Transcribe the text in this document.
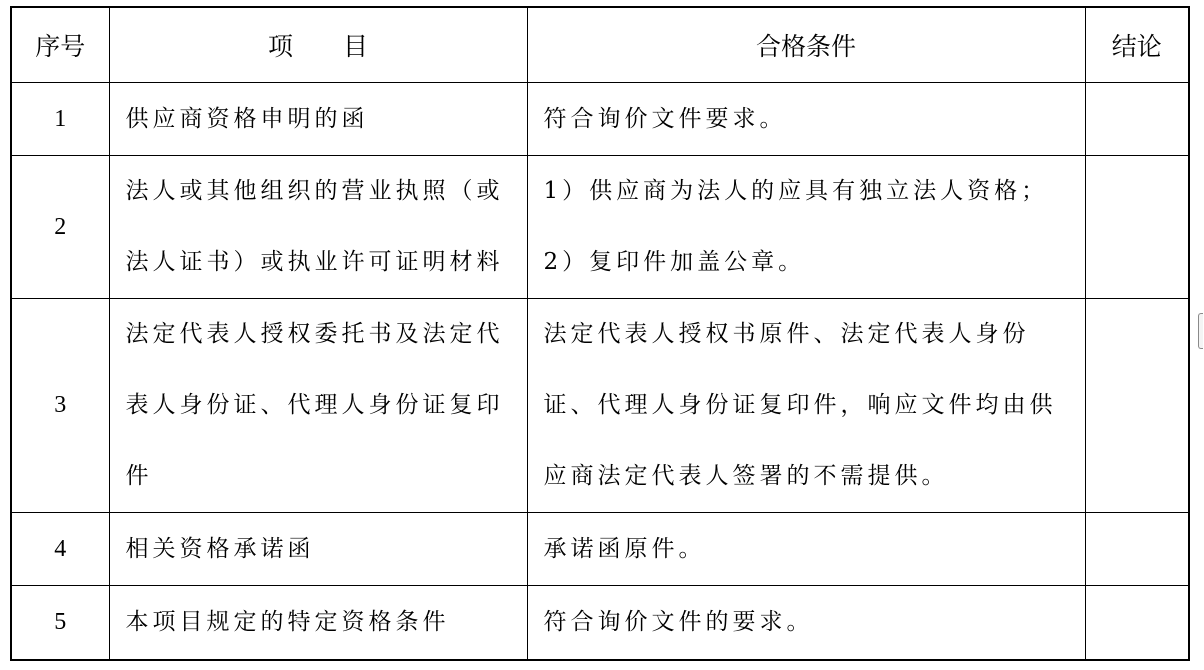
序号	项　　目	合格条件	结论
1	供应商资格申明的函	符合询价文件要求。	
2	法人或其他组织的营业执照（或法人证书）或执业许可证明材料	1）供应商为法人的应具有独立法人资格；2）复印件加盖公章。	
3	法定代表人授权委托书及法定代表人身份证、代理人身份证复印件	法定代表人授权书原件、法定代表人身份证、代理人身份证复印件，响应文件均由供应商法定代表人签署的不需提供。	
4	相关资格承诺函	承诺函原件。	
5	本项目规定的特定资格条件	符合询价文件的要求。	
